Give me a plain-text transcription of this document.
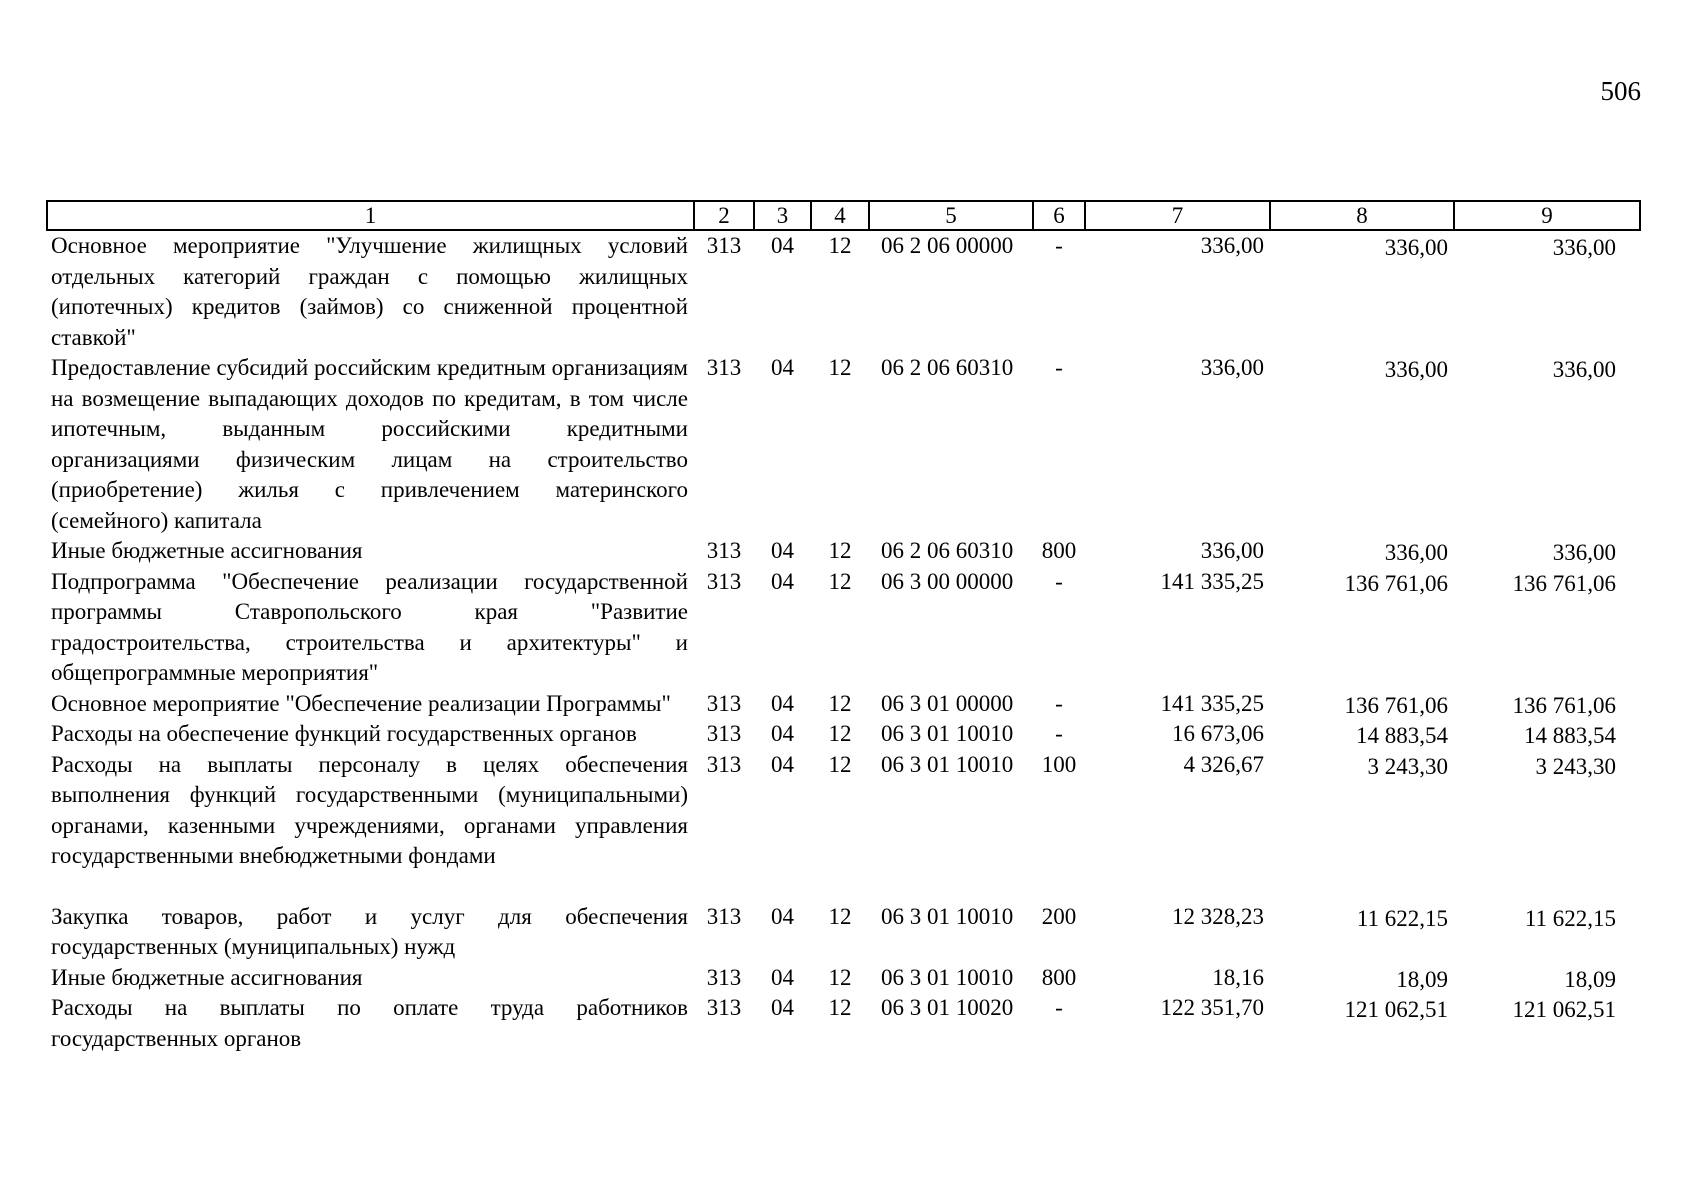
506
1	2	3	4	5	6	7	8	9
Основное мероприятие "Улучшение жилищных условий отдельных категорий граждан с помощью жилищных (ипотечных) кредитов (займов) со сниженной процентной ставкой"	313	04	12	06 2 06 00000	-	336,00	336,00	336,00
Предоставление субсидий российским кредитным организациям на возмещение выпадающих доходов по кредитам, в том числе ипотечным, выданным российскими кредитными организациями физическим лицам на строительство (приобретение) жилья с привлечением материнского (семейного) капитала	313	04	12	06 2 06 60310	-	336,00	336,00	336,00
Иные бюджетные ассигнования	313	04	12	06 2 06 60310	800	336,00	336,00	336,00
Подпрограмма "Обеспечение реализации государственной программы Ставропольского края "Развитие градостроительства, строительства и архитектуры" и общепрограммные мероприятия"	313	04	12	06 3 00 00000	-	141 335,25	136 761,06	136 761,06
Основное мероприятие "Обеспечение реализации Программы"	313	04	12	06 3 01 00000	-	141 335,25	136 761,06	136 761,06
Расходы на обеспечение функций государственных органов	313	04	12	06 3 01 10010	-	16 673,06	14 883,54	14 883,54
Расходы на выплаты персоналу в целях обеспечения выполнения функций государственными (муниципальными) органами, казенными учреждениями, органами управления государственными внебюджетными фондами	313	04	12	06 3 01 10010	100	4 326,67	3 243,30	3 243,30

Закупка товаров, работ и услуг для обеспечения государственных (муниципальных) нужд	313	04	12	06 3 01 10010	200	12 328,23	11 622,15	11 622,15
Иные бюджетные ассигнования	313	04	12	06 3 01 10010	800	18,16	18,09	18,09
Расходы на выплаты по оплате труда работников государственных органов	313	04	12	06 3 01 10020	-	122 351,70	121 062,51	121 062,51
